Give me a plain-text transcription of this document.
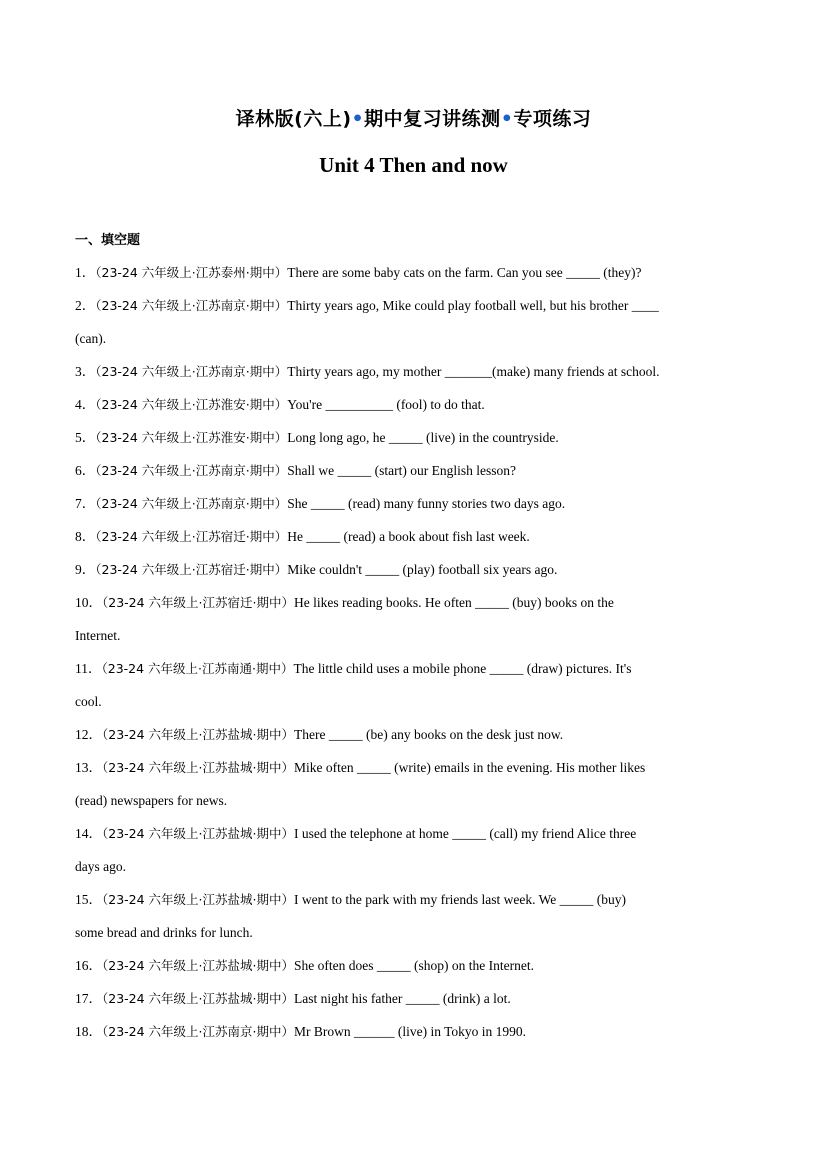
译林版(六上)•期中复习讲练测•专项练习
Unit 4 Then and now
一、填空题
1．（23-24 六年级上·江苏泰州·期中）There are some baby cats on the farm. Can you see _____ (they)?
2．（23-24 六年级上·江苏南京·期中）Thirty years ago, Mike could play football well, but his brother ____
(can).
3．（23-24 六年级上·江苏南京·期中）Thirty years ago, my mother _______(make) many friends at school.
4．（23-24 六年级上·江苏淮安·期中）You're __________ (fool) to do that.
5．（23-24 六年级上·江苏淮安·期中）Long long ago, he _____ (live) in the countryside.
6．（23-24 六年级上·江苏南京·期中）Shall we _____ (start) our English lesson?
7．（23-24 六年级上·江苏南京·期中）She _____ (read) many funny stories two days ago.
8．（23-24 六年级上·江苏宿迁·期中）He _____ (read) a book about fish last week.
9．（23-24 六年级上·江苏宿迁·期中）Mike couldn't _____ (play) football six years ago.
10．（23-24 六年级上·江苏宿迁·期中）He likes reading books. He often _____ (buy) books on the
Internet.
11．（23-24 六年级上·江苏南通·期中）The little child uses a mobile phone _____ (draw) pictures. It's
cool.
12．（23-24 六年级上·江苏盐城·期中）There _____ (be) any books on the desk just now.
13．（23-24 六年级上·江苏盐城·期中）Mike often _____ (write) emails in the evening. His mother likes
(read) newspapers for news.
14．（23-24 六年级上·江苏盐城·期中）I used the telephone at home _____ (call) my friend Alice three
days ago.
15．（23-24 六年级上·江苏盐城·期中）I went to the park with my friends last week. We _____ (buy)
some bread and drinks for lunch.
16．（23-24 六年级上·江苏盐城·期中）She often does _____ (shop) on the Internet.
17．（23-24 六年级上·江苏盐城·期中）Last night his father _____ (drink) a lot.
18．（23-24 六年级上·江苏南京·期中）Mr Brown ______ (live) in Tokyo in 1990.
